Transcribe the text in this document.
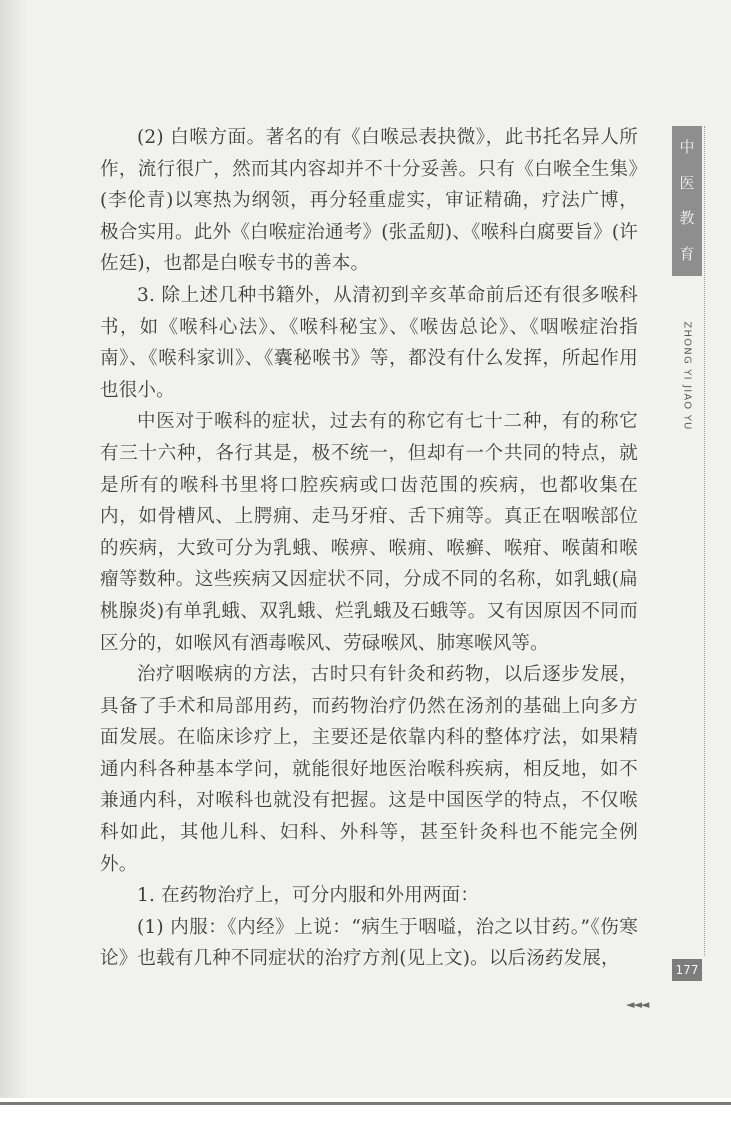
(2) 白喉方面。著名的有《白喉忌表抉微》，此书托名异人所作，流行很广，然而其内容却并不十分妥善。只有《白喉全生集》(李伦青)以寒热为纲领，再分轻重虚实，审证精确，疗法广博，极合实用。此外《白喉症治通考》(张孟舠)、《喉科白腐要旨》(许佐廷)，也都是白喉专书的善本。

3. 除上述几种书籍外，从清初到辛亥革命前后还有很多喉科书，如《喉科心法》、《喉科秘宝》、《喉齿总论》、《咽喉症治指南》、《喉科家训》、《囊秘喉书》等，都没有什么发挥，所起作用也很小。

中医对于喉科的症状，过去有的称它有七十二种，有的称它有三十六种，各行其是，极不统一，但却有一个共同的特点，就是所有的喉科书里将口腔疾病或口齿范围的疾病，也都收集在内，如骨槽风、上腭痈、走马牙疳、舌下痈等。真正在咽喉部位的疾病，大致可分为乳蛾、喉痹、喉痈、喉癣、喉疳、喉菌和喉瘤等数种。这些疾病又因症状不同，分成不同的名称，如乳蛾(扁桃腺炎)有单乳蛾、双乳蛾、烂乳蛾及石蛾等。又有因原因不同而区分的，如喉风有酒毒喉风、劳碌喉风、肺寒喉风等。

治疗咽喉病的方法，古时只有针灸和药物，以后逐步发展，具备了手术和局部用药，而药物治疗仍然在汤剂的基础上向多方面发展。在临床诊疗上，主要还是依靠内科的整体疗法，如果精通内科各种基本学问，就能很好地医治喉科疾病，相反地，如不兼通内科，对喉科也就没有把握。这是中国医学的特点，不仅喉科如此，其他儿科、妇科、外科等，甚至针灸科也不能完全例外。

1. 在药物治疗上，可分内服和外用两面：

(1) 内服：《内经》上说：“病生于咽嗌，治之以甘药。”《伤寒论》也载有几种不同症状的治疗方剂(见上文)。以后汤药发展，

中
医
教
育
ZHONG YI JIAO YU
177
◄◄◄
